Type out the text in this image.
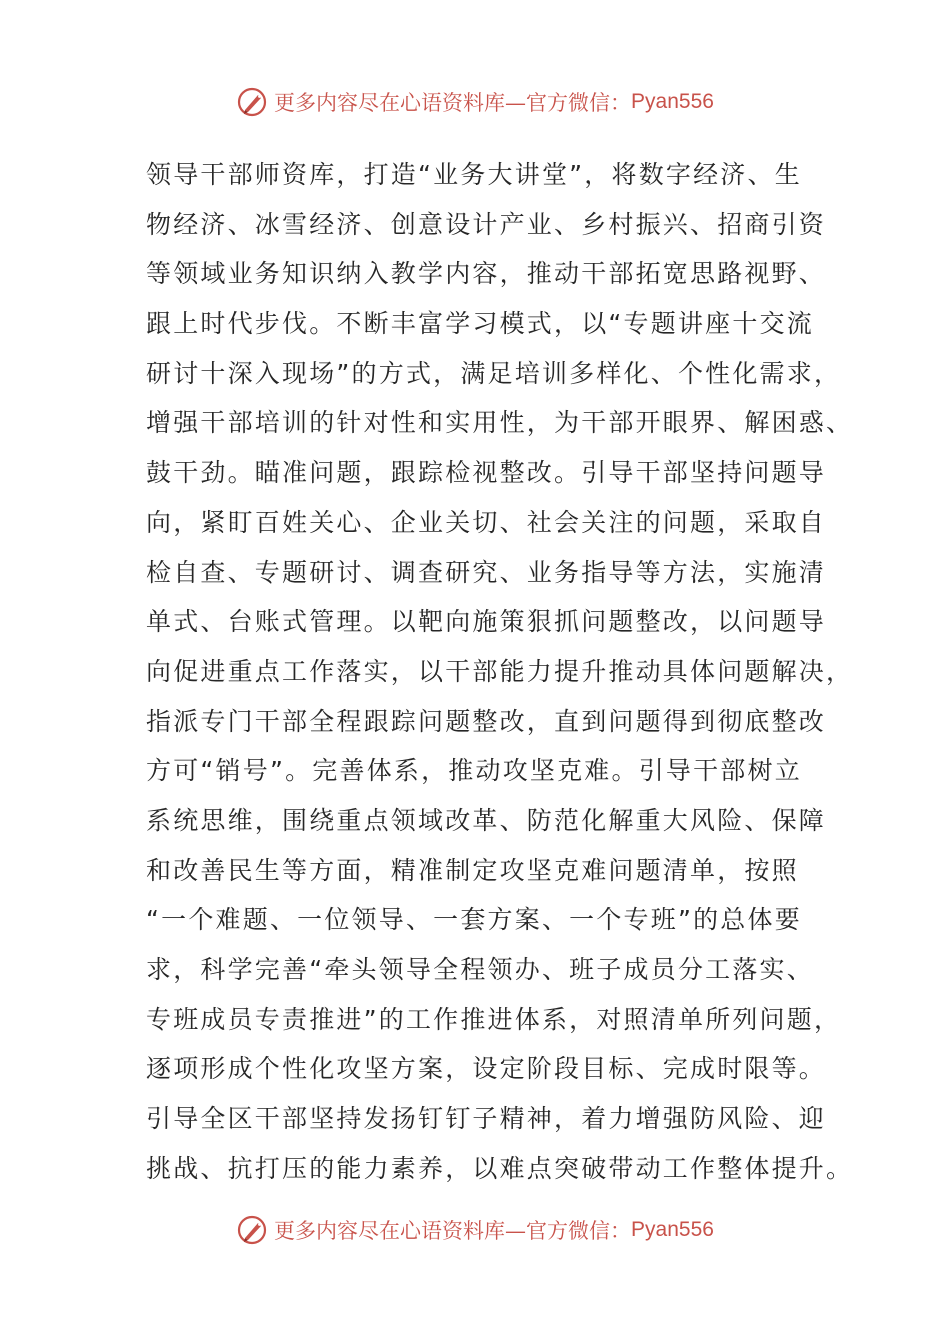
更多内容尽在心语资料库—官方微信： Pyan556
领导干部师资库，打造“业务大讲堂”，将数字经济、生
物经济、冰雪经济、创意设计产业、乡村振兴、招商引资
等领域业务知识纳入教学内容，推动干部拓宽思路视野、
跟上时代步伐。不断丰富学习模式，以“专题讲座十交流
研讨十深入现场”的方式，满足培训多样化、个性化需求，
增强干部培训的针对性和实用性，为干部开眼界、解困惑、
鼓干劲。瞄准问题，跟踪检视整改。引导干部坚持问题导
向，紧盯百姓关心、企业关切、社会关注的问题，采取自
检自查、专题研讨、调查研究、业务指导等方法，实施清
单式、台账式管理。以靶向施策狠抓问题整改，以问题导
向促进重点工作落实，以干部能力提升推动具体问题解决，
指派专门干部全程跟踪问题整改，直到问题得到彻底整改
方可“销号”。完善体系，推动攻坚克难。引导干部树立
系统思维，围绕重点领域改革、防范化解重大风险、保障
和改善民生等方面，精准制定攻坚克难问题清单，按照
“一个难题、一位领导、一套方案、一个专班”的总体要
求，科学完善“牵头领导全程领办、班子成员分工落实、
专班成员专责推进”的工作推进体系，对照清单所列问题，
逐项形成个性化攻坚方案，设定阶段目标、完成时限等。
引导全区干部坚持发扬钉钉子精神，着力增强防风险、迎
挑战、抗打压的能力素养，以难点突破带动工作整体提升。
更多内容尽在心语资料库—官方微信： Pyan556
